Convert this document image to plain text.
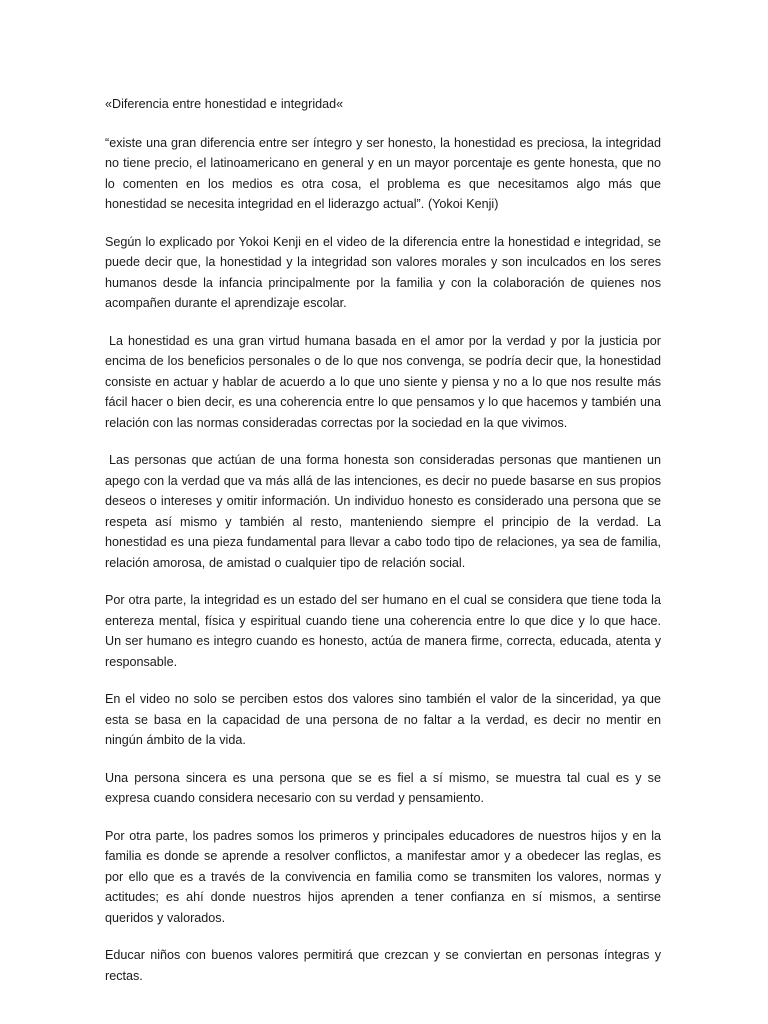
«Diferencia entre honestidad e integridad«

“existe una gran diferencia entre ser íntegro y ser honesto, la honestidad es preciosa, la integridad no tiene precio, el latinoamericano en general y en un mayor porcentaje es gente honesta, que no lo comenten en los medios es otra cosa, el problema es que necesitamos algo más que honestidad se necesita integridad en el liderazgo actual”. (Yokoi Kenji)

Según lo explicado por Yokoi Kenji en el video de la diferencia entre la honestidad e integridad, se puede decir que, la honestidad y la integridad son valores morales y son inculcados en los seres humanos desde la infancia principalmente por la familia y con la colaboración de quienes nos acompañen durante el aprendizaje escolar.

La honestidad es una gran virtud humana basada en el amor por la verdad y por la justicia por encima de los beneficios personales o de lo que nos convenga, se podría decir que, la honestidad consiste en actuar y hablar de acuerdo a lo que uno siente y piensa y no a lo que nos resulte más fácil hacer o bien decir, es una coherencia entre lo que pensamos y lo que hacemos y también una relación con las normas consideradas correctas por la sociedad en la que vivimos.

Las personas que actúan de una forma honesta son consideradas personas que mantienen un apego con la verdad que va más allá de las intenciones, es decir no puede basarse en sus propios deseos o intereses y omitir información. Un individuo honesto es considerado una persona que se respeta así mismo y también al resto, manteniendo siempre el principio de la verdad. La honestidad es una pieza fundamental para llevar a cabo todo tipo de relaciones, ya sea de familia, relación amorosa, de amistad o cualquier tipo de relación social.

Por otra parte, la integridad es un estado del ser humano en el cual se considera que tiene toda la entereza mental, física y espiritual cuando tiene una coherencia entre lo que dice y lo que hace. Un ser humano es integro cuando es honesto, actúa de manera firme, correcta, educada, atenta y responsable.

En el video no solo se perciben estos dos valores sino también el valor de la sinceridad, ya que esta se basa en la capacidad de una persona de no faltar a la verdad, es decir no mentir en ningún ámbito de la vida.

Una persona sincera es una persona que se es fiel a sí mismo, se muestra tal cual es y se expresa cuando considera necesario con su verdad y pensamiento.

Por otra parte, los padres somos los primeros y principales educadores de nuestros hijos y en la familia es donde se aprende a resolver conflictos, a manifestar amor y a obedecer las reglas, es por ello que es a través de la convivencia en familia como se transmiten los valores, normas y actitudes; es ahí donde nuestros hijos aprenden a tener confianza en sí mismos, a sentirse queridos y valorados.

Educar niños con buenos valores permitirá que crezcan y se conviertan en personas íntegras y rectas.
